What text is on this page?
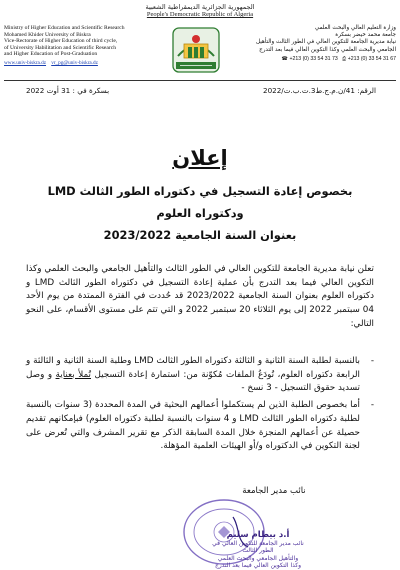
الجمهورية الجزائرية الديمقراطية الشعبية
People's Democratic Republic of Algeria
Ministry of Higher Education and Scientific Research
Mohamed Khider University of Biskra
Vice-Rectorate of Higher Education of third cycle,
of University Habilitation and Scientific Research
and Higher Education of Post-Graduation
www.univ-biskra.dz vr_pg@univ-biskra.dz
وزارة التعليم العالي والبحث العلمي
جامعة محمد خيضر بسكرة
نيابة مديرية الجامعة للتكوين العالي في الطور الثالث والتأهيل
الجامعي والبحث العلمي وكذا التكوين العالي فيما بعد التدرج
☎ +213 (0) 33 54 31 73 ⎙ +213 (0) 33 54 31 67
الرقم: 41/ن.م.ج.ط3.ت.ب.ت/2022
بسكرة في : 31 أوت 2022
إعلان
بخصوص إعادة التسجيل في دكتوراه الطور الثالث LMD ودكتوراه العلوم
بعنوان السنة الجامعية 2023/2022
تعلن نيابة مديرية الجامعة للتكوين العالي في الطور الثالث والتأهيل الجامعي والبحث العلمي وكذا التكوين العالي فيما بعد التدرج بأن عملية إعادة التسجيل في دكتوراه الطور الثالث LMD و دكتوراه العلوم بعنوان السنة الجامعية 2023/2022 قد حُددت في الفترة الممتدة من يوم الأحد 04 سبتمبر 2022 إلى يوم الثلاثاء 20 سبتمبر 2022 و التي تتم على مستوى الأقسام، على النحو التالي:
-
بالنسبة لطلبة السنة الثانية و الثالثة دكتوراه الطور الثالث LMD وطلبة السنة الثانية و الثالثة و الرابعة دكتوراه العلوم، تُودَعُ الملفات مُكوّنة من: استمارة إعادة التسجيل تُملأ بعناية و وصل تسديد حقوق التسجيل - 3 نسخ -
-
أما بخصوص الطلبة الذين لم يستكملوا أعمالهم البحثية في المدة المحددة (3 سنوات بالنسبة لطلبة دكتوراه الطور الثالث LMD و 4 سنوات بالنسبة لطلبة دكتوراه العلوم) فبإمكانهم تقديم حصيلة عن أعمالهم المنجزة خلال المدة السابقة الذكر مع تقرير المشرف والتي تُعرض على لجنة التكوين في الدكتوراه و/أو الهيئات العلمية المؤهلة.
نائب مدير الجامعة
أ.د بيطام سليم
نائب مدير الجامعة للتكوين العالي في الطور الثالث
والتأهيل الجامعي والبحث العلمي
وكذا التكوين العالي فيما بعد التدرج
